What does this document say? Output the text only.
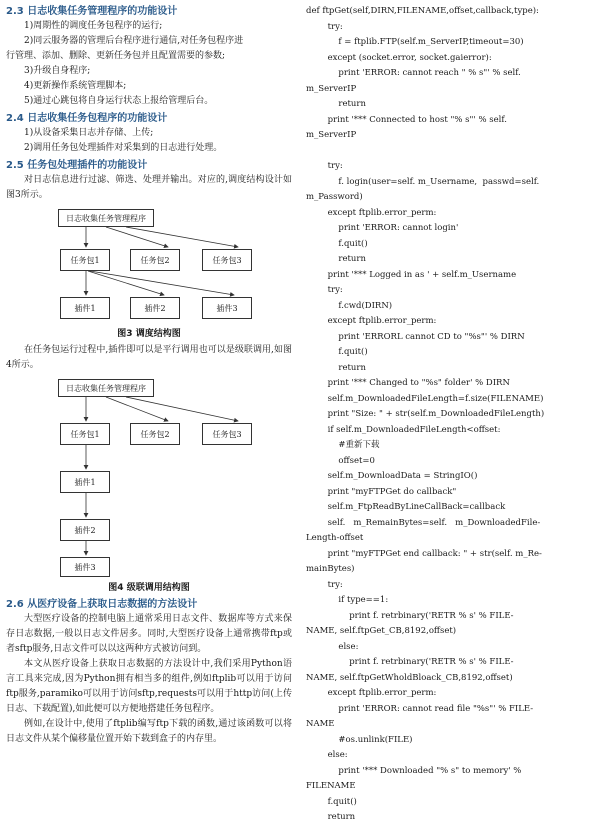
2.3 日志收集任务管理程序的功能设计
1)周期性的调度任务包程序的运行;
2)同云服务器的管理后台程序进行通信,对任务包程序进
行管理、添加、删除、更新任务包并且配置需要的参数;
3)升级自身程序;
4)更新操作系统管理脚本;
5)通过心跳包将自身运行状态上报给管理后台。
2.4 日志收集任务包程序的功能设计
1)从设备采集日志并存储、上传;
2)调用任务包处理插件对采集到的日志进行处理。
2.5 任务包处理插件的功能设计
对日志信息进行过滤、筛选、处理并输出。对应的,调度结构设计如图3所示。
日志收集任务管理程序
任务包1	任务包2	任务包3
插件1	插件2	插件3
图3 调度结构图
在任务包运行过程中,插件即可以是平行调用也可以是级联调用,如图4所示。
日志收集任务管理程序
任务包1	任务包2	任务包3
插件1
插件2
插件3
图4 级联调用结构图
2.6 从医疗设备上获取日志数据的方法设计
大型医疗设备的控制电脑上通常采用日志文件、数据库等方式来保存日志数据,一般以日志文件居多。同时,大型医疗设备上通常携带ftp或者sftp服务,日志文件可以以这两种方式被访问到。
本文从医疗设备上获取日志数据的方法设计中,我们采用Python语言工具来完成,因为Python拥有相当多的组件,例如ftplib可以用于访问ftp服务,paramiko可以用于访问sftp,requests可以用于http访问(上传日志、下载配置),如此便可以方便地搭建任务包程序。
例如,在设计中,使用了ftplib编写ftp下载的函数,通过该函数可以将日志文件从某个偏移量位置开始下载到盒子的内存里。
def ftpGet(self,DIRN,FILENAME,offset,callback,type):
try:
f = ftplib.FTP(self.m_ServerIP,timeout=30)
except (socket.error, socket.gaierror):
print 'ERROR: cannot reach " % s"' % self.
m_ServerIP
return
print '*** Connected to host "% s"' % self.
m_ServerIP
try:
f. login(user=self. m_Username,  passwd=self.
m_Password)
except ftplib.error_perm:
print 'ERROR: cannot login'
f.quit()
return
print '*** Logged in as ' + self.m_Username
try:
f.cwd(DIRN)
except ftplib.error_perm:
print 'ERRORL cannot CD to "%s"' % DIRN
f.quit()
return
print '*** Changed to "%s" folder' % DIRN
self.m_DownloadedFileLength=f.size(FILENAME)
print "Size: " + str(self.m_DownloadedFileLength)
if self.m_DownloadedFileLength<offset:
#重新下载
offset=0
self.m_DownloadData = StringIO()
print "myFTPGet do callback"
self.m_FtpReadByLineCallBack=callback
self.   m_RemainBytes=self.   m_DownloadedFile-
Length-offset
print "myFTPGet end callback: " + str(self. m_Re-
mainBytes)
try:
if type==1:
print f. retrbinary('RETR % s' % FILE-
NAME, self.ftpGet_CB,8192,offset)
else:
print f. retrbinary('RETR % s' % FILE-
NAME, self.ftpGetWholdBloack_CB,8192,offset)
except ftplib.error_perm:
print 'ERROR: cannot read file "%s"' % FILE-
NAME
#os.unlink(FILE)
else:
print '*** Downloaded "% s" to memory' %
FILENAME
f.quit()
return
